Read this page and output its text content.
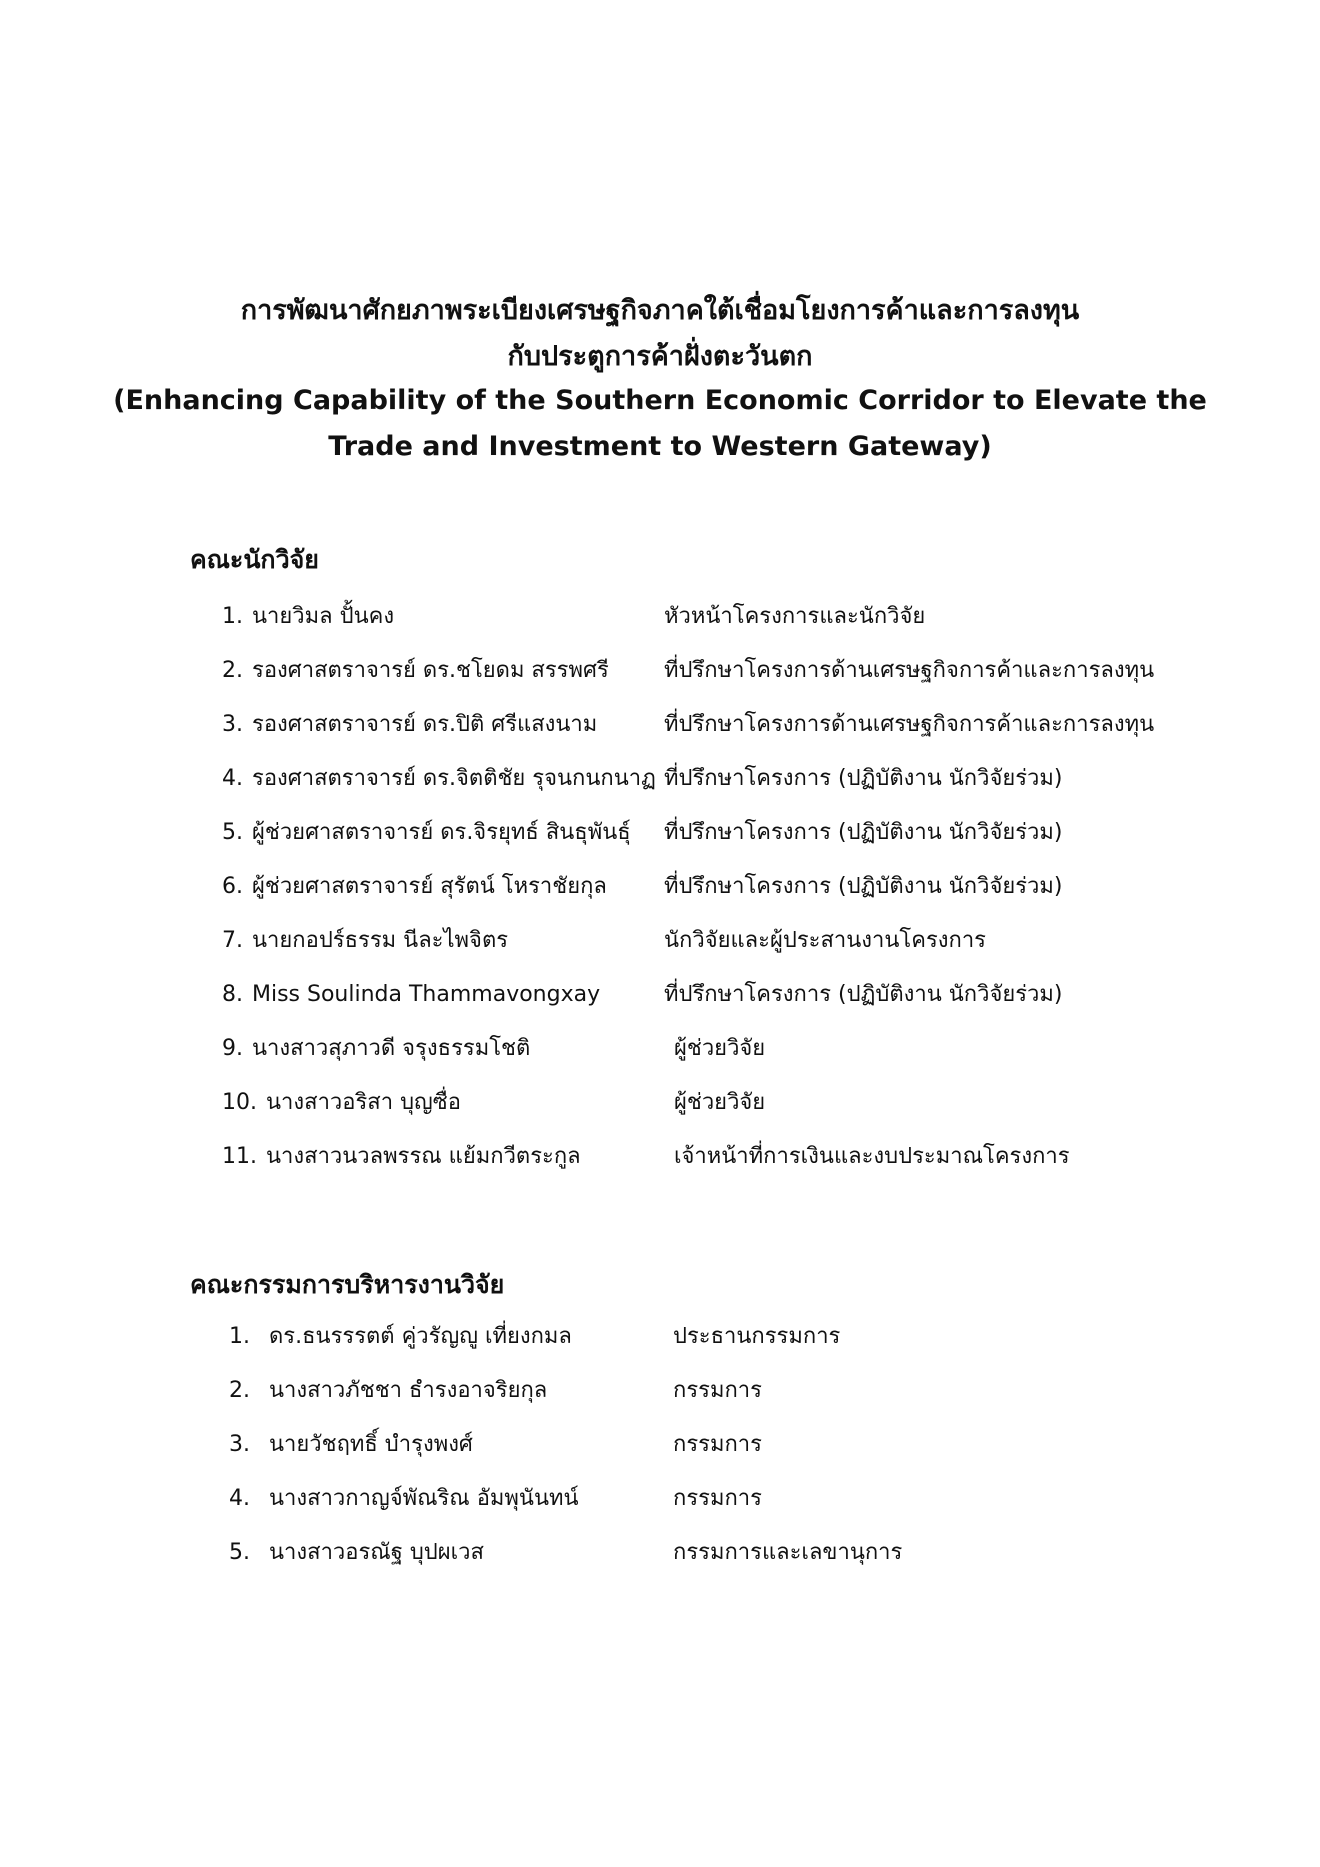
การพัฒนาศักยภาพระเบียงเศรษฐกิจภาคใต้เชื่อมโยงการค้าและการลงทุน
กับประตูการค้าฝั่งตะวันตก
(Enhancing Capability of the Southern Economic Corridor to Elevate the
Trade and Investment to Western Gateway)
คณะนักวิจัย
1. นายวิมล ปั้นคง	หัวหน้าโครงการและนักวิจัย
2. รองศาสตราจารย์ ดร.ชโยดม สรรพศรี	ที่ปรึกษาโครงการด้านเศรษฐกิจการค้าและการลงทุน
3. รองศาสตราจารย์ ดร.ปิติ ศรีแสงนาม	ที่ปรึกษาโครงการด้านเศรษฐกิจการค้าและการลงทุน
4. รองศาสตราจารย์ ดร.จิตติชัย รุจนกนกนาฏ ที่ปรึกษาโครงการ (ปฏิบัติงาน นักวิจัยร่วม)
5. ผู้ช่วยศาสตราจารย์ ดร.จิรยุทธ์ สินธุพันธุ์ ที่ปรึกษาโครงการ (ปฏิบัติงาน นักวิจัยร่วม)
6. ผู้ช่วยศาสตราจารย์ สุรัตน์ โหราชัยกุล	ที่ปรึกษาโครงการ (ปฏิบัติงาน นักวิจัยร่วม)
7. นายกอปร์ธรรม นีละไพจิตร	นักวิจัยและผู้ประสานงานโครงการ
8. Miss Soulinda Thammavongxay	ที่ปรึกษาโครงการ (ปฏิบัติงาน นักวิจัยร่วม)
9. นางสาวสุภาวดี จรุงธรรมโชติ	ผู้ช่วยวิจัย
10. นางสาวอริสา บุญซื่อ	ผู้ช่วยวิจัย
11. นางสาวนวลพรรณ แย้มกวีตระกูล	เจ้าหน้าที่การเงินและงบประมาณโครงการ
คณะกรรมการบริหารงานวิจัย
1. ดร.ธนรรรตต์ คู่วรัญญู เที่ยงกมล	ประธานกรรมการ
2. นางสาวภัชชา ธำรงอาจริยกุล	กรรมการ
3. นายวัชฤทธิ์ บำรุงพงศ์	กรรมการ
4. นางสาวกาญจ์พัณริณ อัมพุนันทน์	กรรมการ
5. นางสาวอรณัฐ บุปผเวส	กรรมการและเลขานุการ
